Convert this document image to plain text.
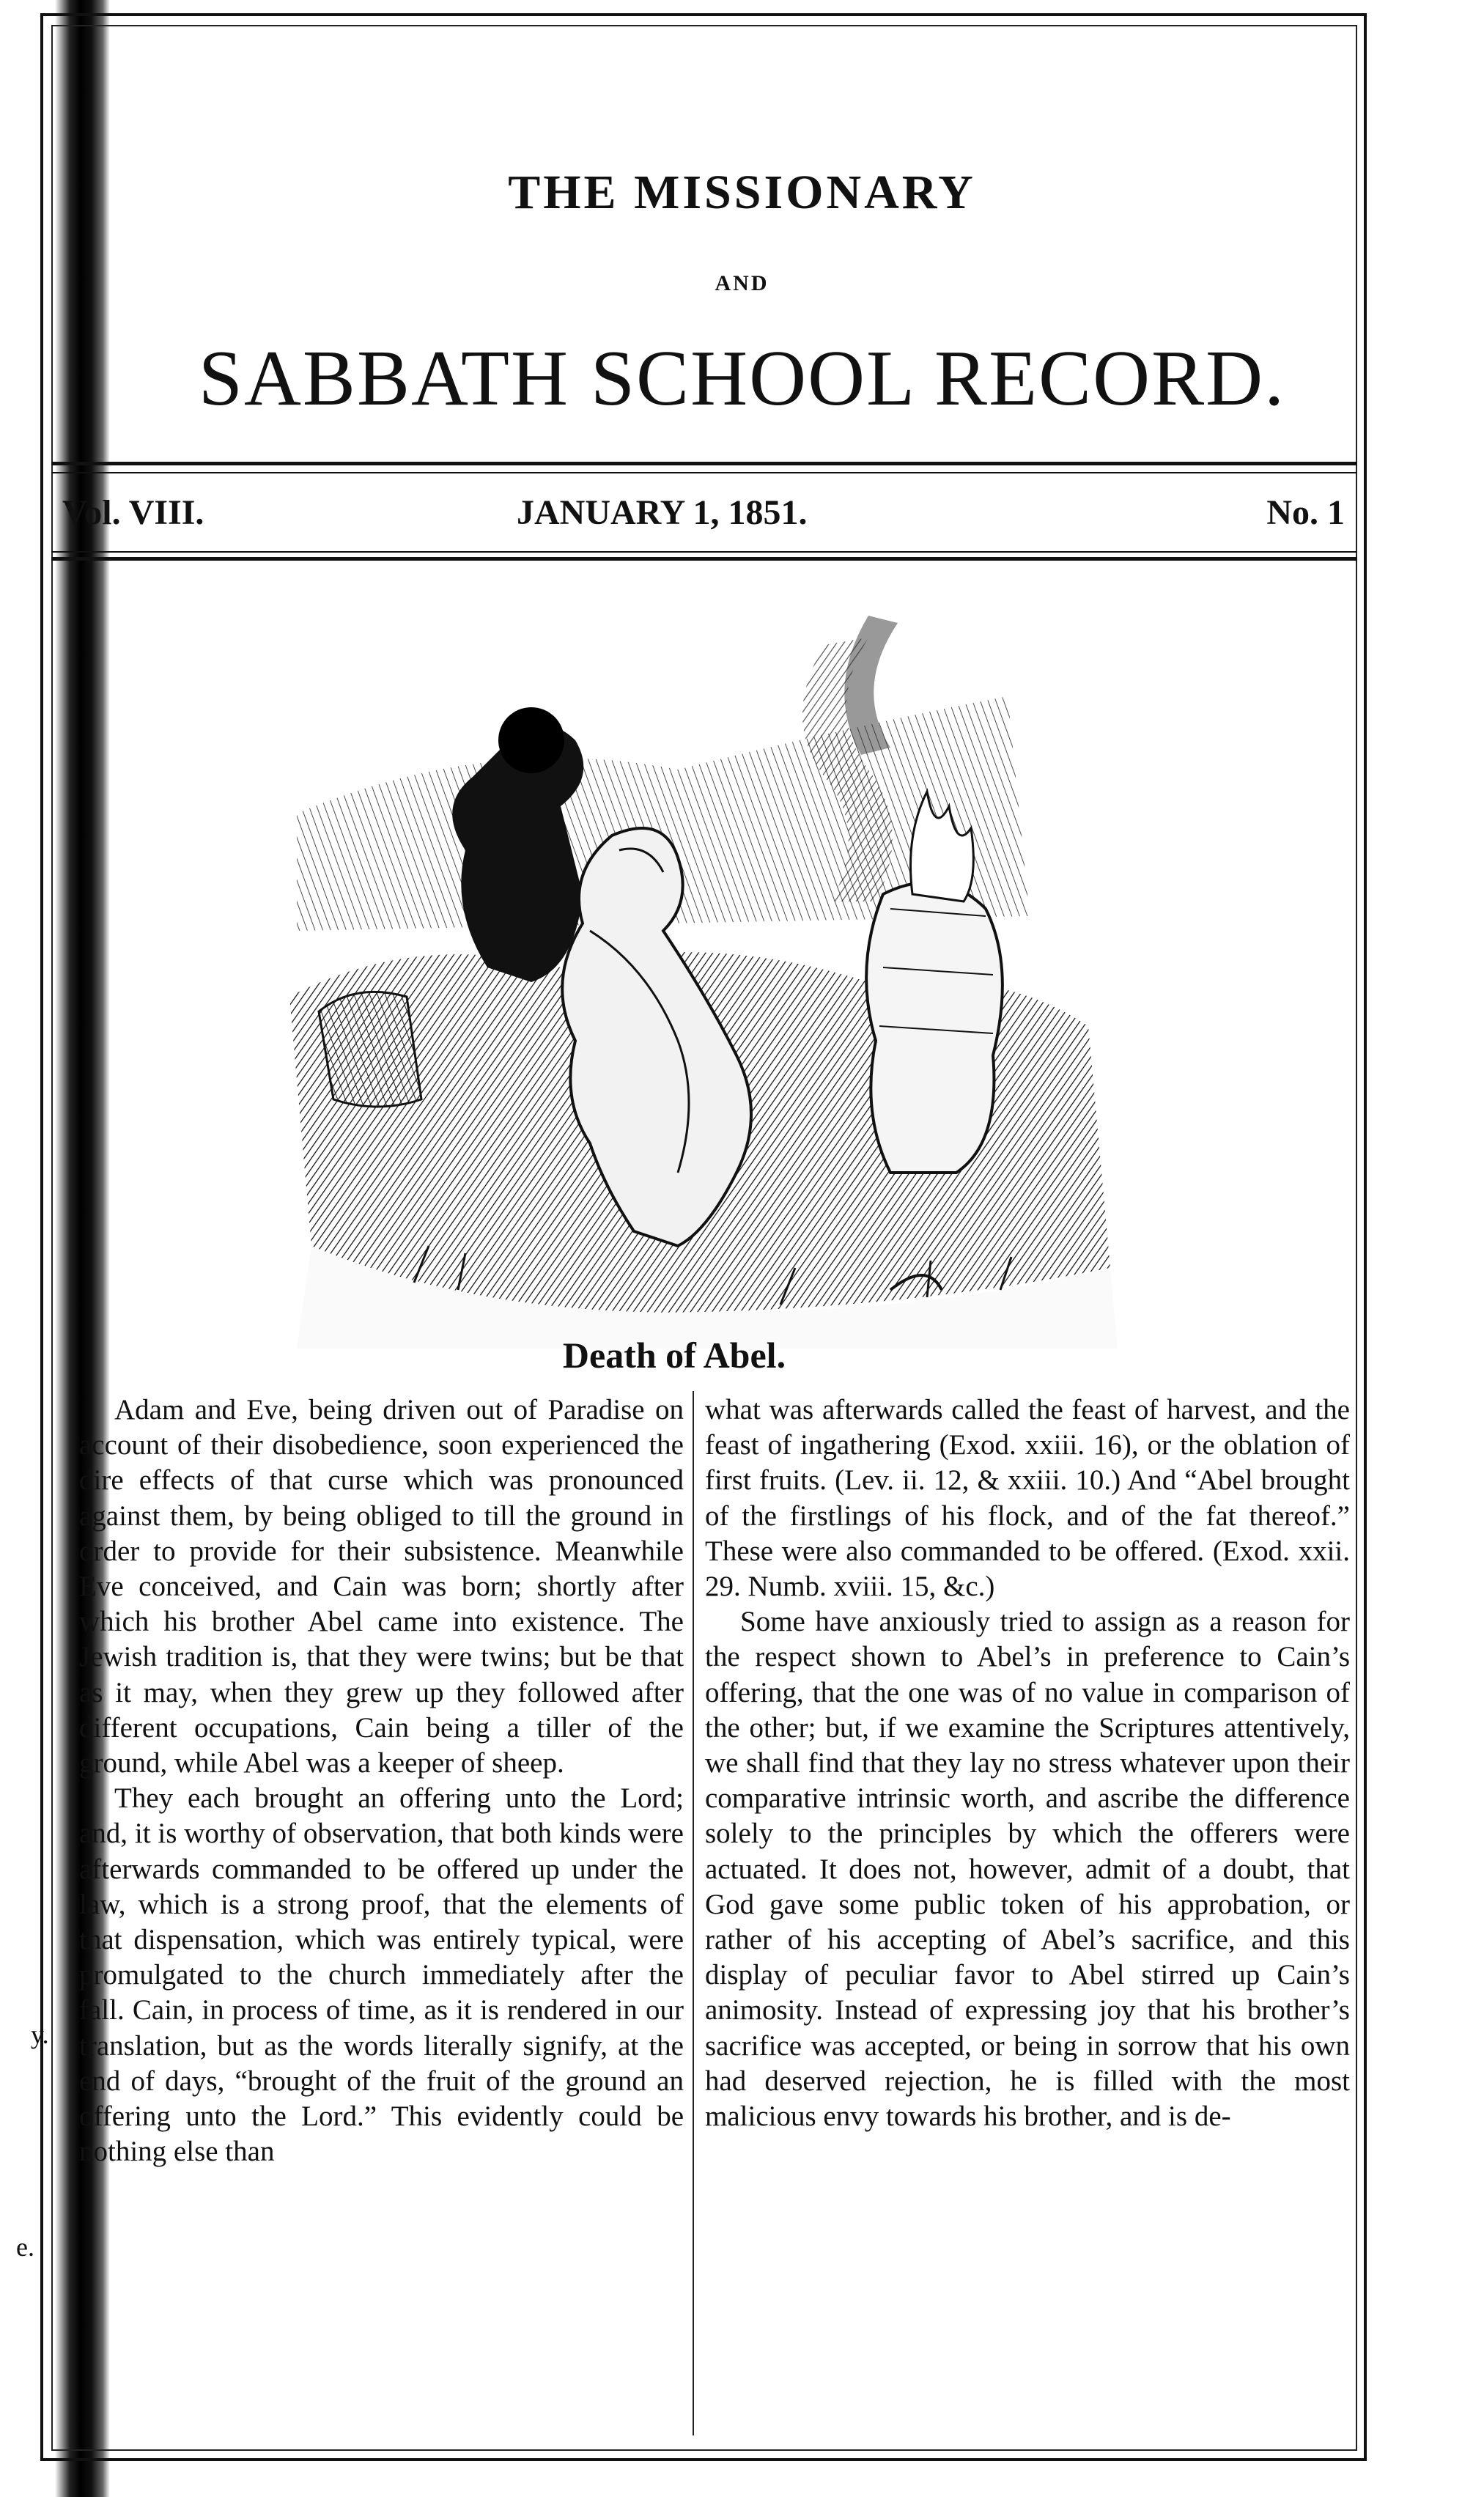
THE MISSIONARY
AND
SABBATH SCHOOL RECORD.
Vol. VIII.	JANUARY 1, 1851.	No. 1
Death of Abel.

Adam and Eve, being driven out of Paradise on account of their disobedience, soon experienced the dire effects of that curse which was pronounced against them, by being obliged to till the ground in order to provide for their subsistence. Meanwhile Eve conceived, and Cain was born; shortly after which his brother Abel came into existence. The Jewish tradition is, that they were twins; but be that as it may, when they grew up they followed after different occupations, Cain being a tiller of the ground, while Abel was a keeper of sheep.

They each brought an offering unto the Lord; and, it is worthy of observation, that both kinds were afterwards commanded to be offered up under the law, which is a strong proof, that the elements of that dispensation, which was entirely typical, were promulgated to the church immediately after the fall. Cain, in process of time, as it is rendered in our translation, but as the words literally signify, at the end of days, “brought of the fruit of the ground an offering unto the Lord.” This evidently could be nothing else than

what was afterwards called the feast of harvest, and the feast of ingathering (Exod. xxiii. 16), or the oblation of first fruits. (Lev. ii. 12, & xxiii. 10.) And “Abel brought of the firstlings of his flock, and of the fat thereof.” These were also commanded to be offered. (Exod. xxii. 29. Numb. xviii. 15, &c.)

Some have anxiously tried to assign as a reason for the respect shown to Abel’s in preference to Cain’s offering, that the one was of no value in comparison of the other; but, if we examine the Scriptures attentively, we shall find that they lay no stress whatever upon their comparative intrinsic worth, and ascribe the difference solely to the principles by which the offerers were actuated. It does not, however, admit of a doubt, that God gave some public token of his approbation, or rather of his accepting of Abel’s sacrifice, and this display of peculiar favor to Abel stirred up Cain’s animosity. Instead of expressing joy that his brother’s sacrifice was accepted, or being in sorrow that his own had deserved rejection, he is filled with the most malicious envy towards his brother, and is de-

y.
e.
